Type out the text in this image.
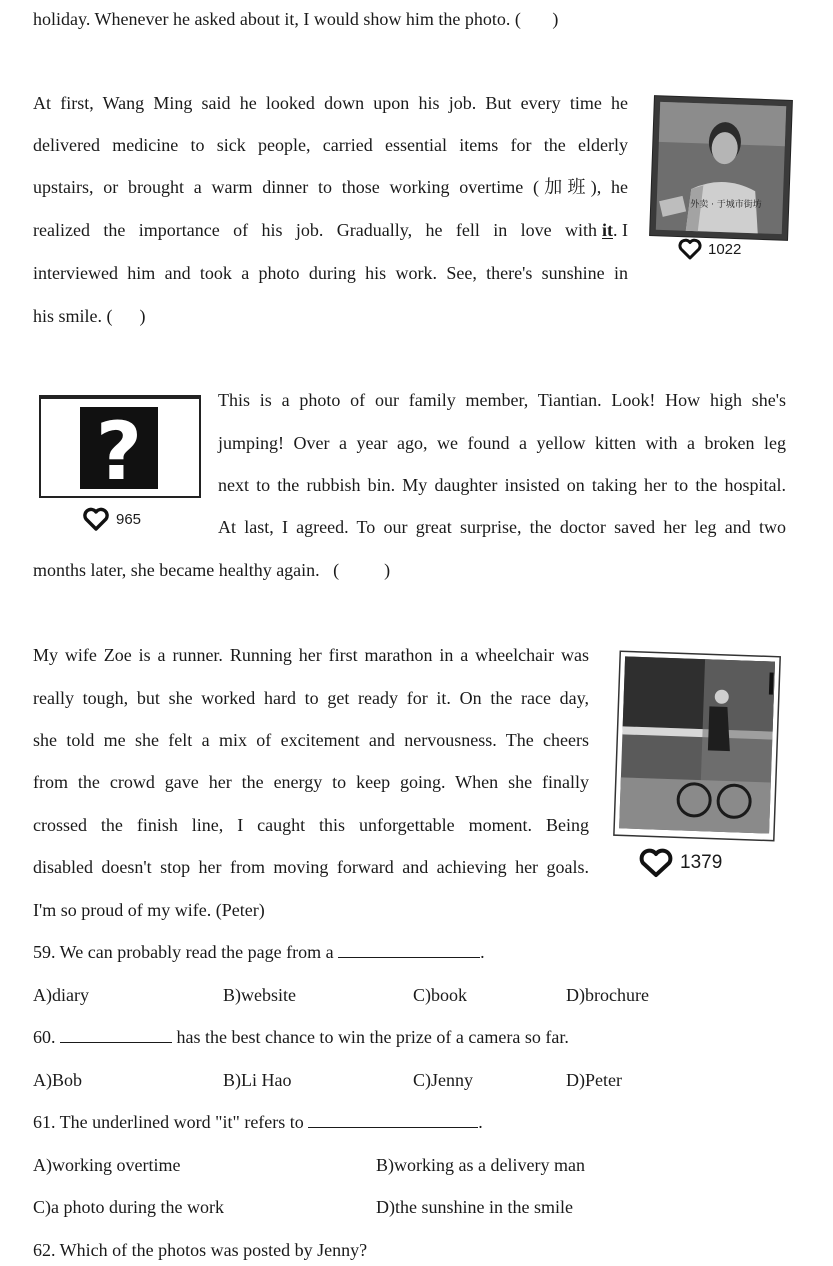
holiday. Whenever he asked about it, I would show him the photo. (       )
At first, Wang Ming said he looked down upon his job. But every time he
delivered medicine to sick people, carried essential items for the elderly
upstairs, or brought a warm dinner to those working overtime (加班), he
realized the importance of his job. Gradually, he fell in love with it . I
interviewed him and took a photo during his work. See, there's sunshine in
his smile. (      )
外卖 · 于城市街坊
1022
?
965
This is a photo of our family member, Tiantian. Look! How high she's
jumping! Over a year ago, we found a yellow kitten with a broken leg
next to the rubbish bin. My daughter insisted on taking her to the hospital.
At last, I agreed. To our great surprise, the doctor saved her leg and two
months later, she became healthy again.   (          )
My wife Zoe is a runner. Running her first marathon in a wheelchair was
really tough, but she worked hard to get ready for it. On the race day,
she told me she felt a mix of excitement and nervousness. The cheers
from the crowd gave her the energy to keep going. When she finally
crossed the finish line, I caught this unforgettable moment. Being
disabled doesn't stop her from moving forward and achieving her goals.
I'm so proud of my wife. (Peter)
1379
59. We can probably read the page from a	.
A)diary	B)website	C)book	D)brochure
60.	has the best chance to win the prize of a camera so far.
A)Bob	B)Li Hao	C)Jenny	D)Peter
61. The underlined word "it" refers to	.
A)working overtime	B)working as a delivery man
C)a photo during the work	D)the sunshine in the smile
62. Which of the photos was posted by Jenny?
